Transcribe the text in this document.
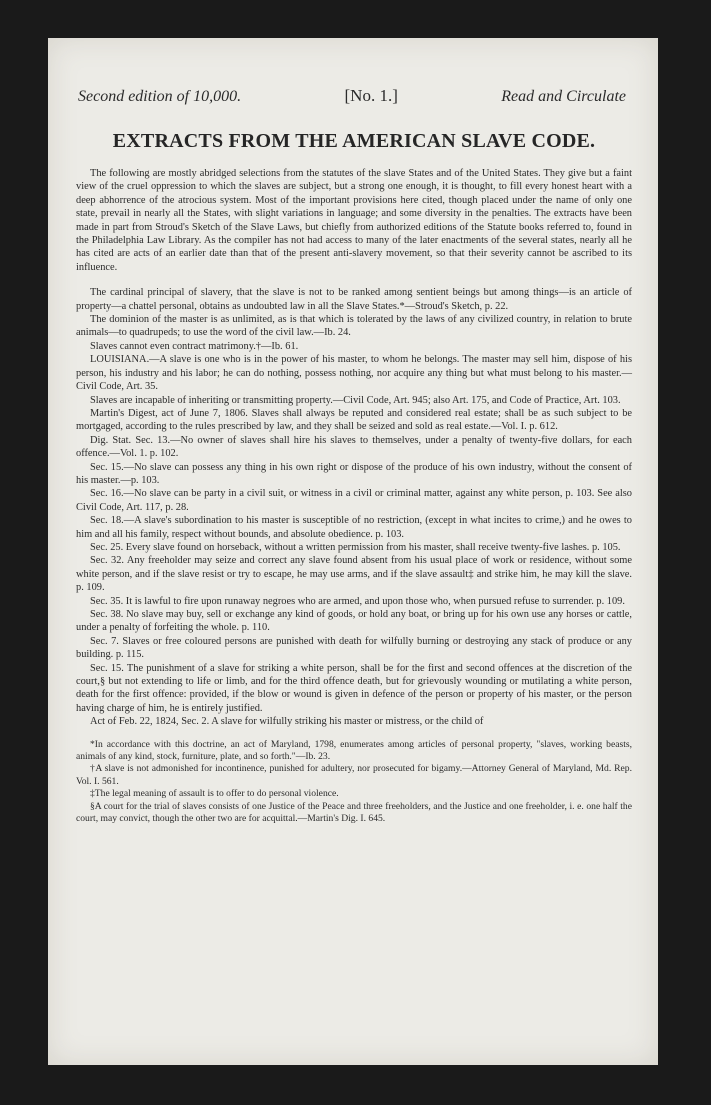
Second edition of 10,000.	[No. 1.]	Read and Circulate
EXTRACTS FROM THE AMERICAN SLAVE CODE.

The following are mostly abridged selections from the statutes of the slave States and of the United States. They give but a faint view of the cruel oppression to which the slaves are subject, but a strong one enough, it is thought, to fill every honest heart with a deep abhorrence of the atrocious system. Most of the important provisions here cited, though placed under the name of only one state, prevail in nearly all the States, with slight variations in language; and some diversity in the penalties. The extracts have been made in part from Stroud's Sketch of the Slave Laws, but chiefly from authorized editions of the Statute books referred to, found in the Philadelphia Law Library. As the compiler has not had access to many of the later enactments of the several states, nearly all he has cited are acts of an earlier date than that of the present anti-slavery movement, so that their severity cannot be ascribed to its influence.

The cardinal principal of slavery, that the slave is not to be ranked among sentient beings but among things—is an article of property—a chattel personal, obtains as undoubted law in all the Slave States.*—Stroud's Sketch, p. 22.

The dominion of the master is as unlimited, as is that which is tolerated by the laws of any civilized country, in relation to brute animals—to quadrupeds; to use the word of the civil law.—Ib. 24.

Slaves cannot even contract matrimony.†—Ib. 61.

LOUISIANA.—A slave is one who is in the power of his master, to whom he belongs. The master may sell him, dispose of his person, his industry and his labor; he can do nothing, possess nothing, nor acquire any thing but what must belong to his master.—Civil Code, Art. 35.

Slaves are incapable of inheriting or transmitting property.—Civil Code, Art. 945; also Art. 175, and Code of Practice, Art. 103.

Martin's Digest, act of June 7, 1806. Slaves shall always be reputed and considered real estate; shall be as such subject to be mortgaged, according to the rules prescribed by law, and they shall be seized and sold as real estate.—Vol. I. p. 612.

Dig. Stat. Sec. 13.—No owner of slaves shall hire his slaves to themselves, under a penalty of twenty-five dollars, for each offence.—Vol. 1. p. 102.

Sec. 15.—No slave can possess any thing in his own right or dispose of the produce of his own industry, without the consent of his master.—p. 103.

Sec. 16.—No slave can be party in a civil suit, or witness in a civil or criminal matter, against any white person, p. 103. See also Civil Code, Art. 117, p. 28.

Sec. 18.—A slave's subordination to his master is susceptible of no restriction, (except in what incites to crime,) and he owes to him and all his family, respect without bounds, and absolute obedience. p. 103.

Sec. 25. Every slave found on horseback, without a written permission from his master, shall receive twenty-five lashes. p. 105.

Sec. 32. Any freeholder may seize and correct any slave found absent from his usual place of work or residence, without some white person, and if the slave resist or try to escape, he may use arms, and if the slave assault‡ and strike him, he may kill the slave. p. 109.

Sec. 35. It is lawful to fire upon runaway negroes who are armed, and upon those who, when pursued refuse to surrender. p. 109.

Sec. 38. No slave may buy, sell or exchange any kind of goods, or hold any boat, or bring up for his own use any horses or cattle, under a penalty of forfeiting the whole. p. 110.

Sec. 7. Slaves or free coloured persons are punished with death for wilfully burning or destroying any stack of produce or any building. p. 115.

Sec. 15. The punishment of a slave for striking a white person, shall be for the first and second offences at the discretion of the court,§ but not extending to life or limb, and for the third offence death, but for grievously wounding or mutilating a white person, death for the first offence: provided, if the blow or wound is given in defence of the person or property of his master, or the person having charge of him, he is entirely justified.

Act of Feb. 22, 1824, Sec. 2. A slave for wilfully striking his master or mistress, or the child of

*In accordance with this doctrine, an act of Maryland, 1798, enumerates among articles of personal property, "slaves, working beasts, animals of any kind, stock, furniture, plate, and so forth."—Ib. 23.

†A slave is not admonished for incontinence, punished for adultery, nor prosecuted for bigamy.—Attorney General of Maryland, Md. Rep. Vol. I. 561.

‡The legal meaning of assault is to offer to do personal violence.

§A court for the trial of slaves consists of one Justice of the Peace and three freeholders, and the Justice and one freeholder, i. e. one half the court, may convict, though the other two are for acquittal.—Martin's Dig. I. 645.
